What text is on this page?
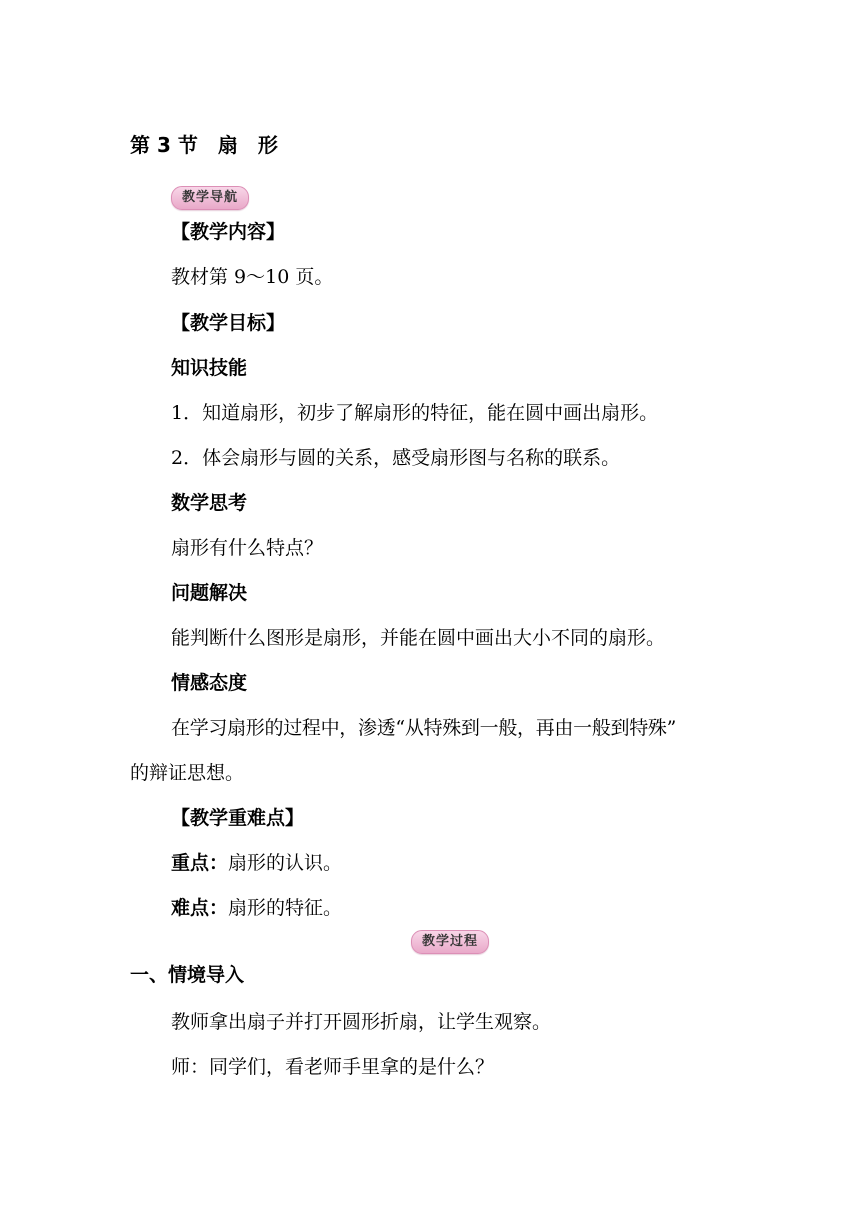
第 3 节　扇　形
教学导航
【教学内容】
教材第 9～10 页。
【教学目标】
知识技能
1．知道扇形，初步了解扇形的特征，能在圆中画出扇形。
2．体会扇形与圆的关系，感受扇形图与名称的联系。
数学思考
扇形有什么特点？
问题解决
能判断什么图形是扇形，并能在圆中画出大小不同的扇形。
情感态度
在学习扇形的过程中，渗透“从特殊到一般，再由一般到特殊”
的辩证思想。
【教学重难点】
重点：扇形的认识。
难点：扇形的特征。
教学过程
一、情境导入
教师拿出扇子并打开圆形折扇，让学生观察。
师：同学们，看老师手里拿的是什么？
